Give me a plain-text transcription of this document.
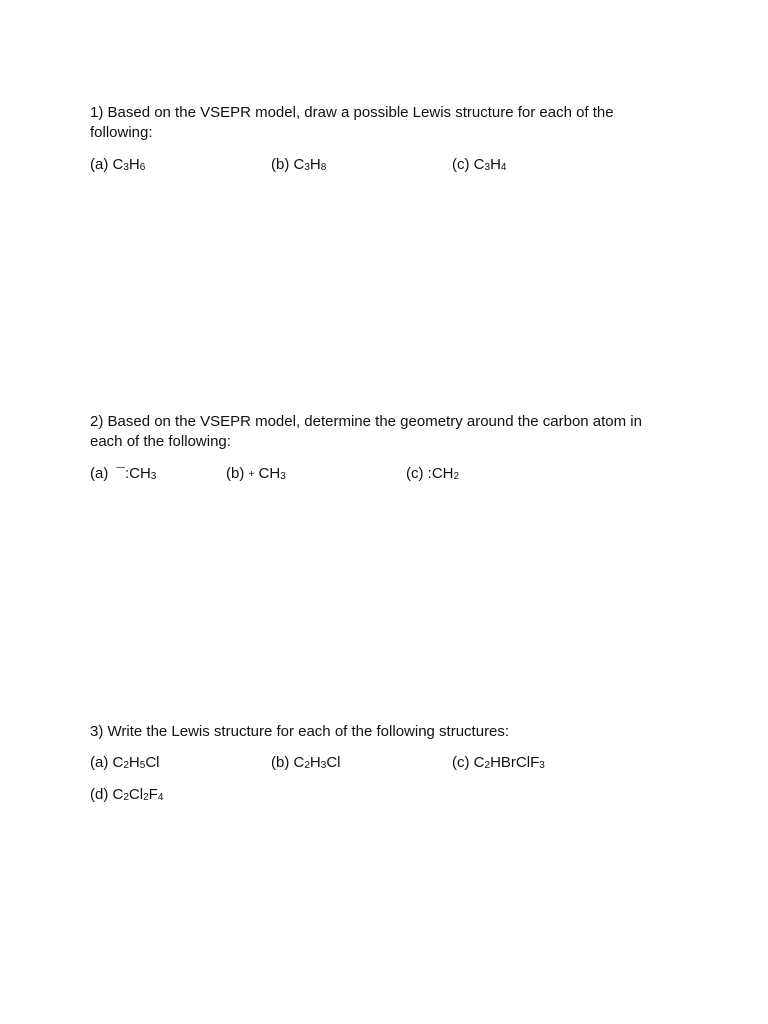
1) Based on the VSEPR model, draw a possible Lewis structure for each of the following:

(a) C3H6	(b) C3H8	(c) C3H4

2) Based on the VSEPR model, determine the geometry around the carbon atom in each of the following:

(a)  ¯:CH3	(b) + CH3	(c) :CH2

3) Write the Lewis structure for each of the following structures:

(a) C2H5Cl	(b) C2H3Cl	(c) C2HBrClF3
(d) C2Cl2F4
